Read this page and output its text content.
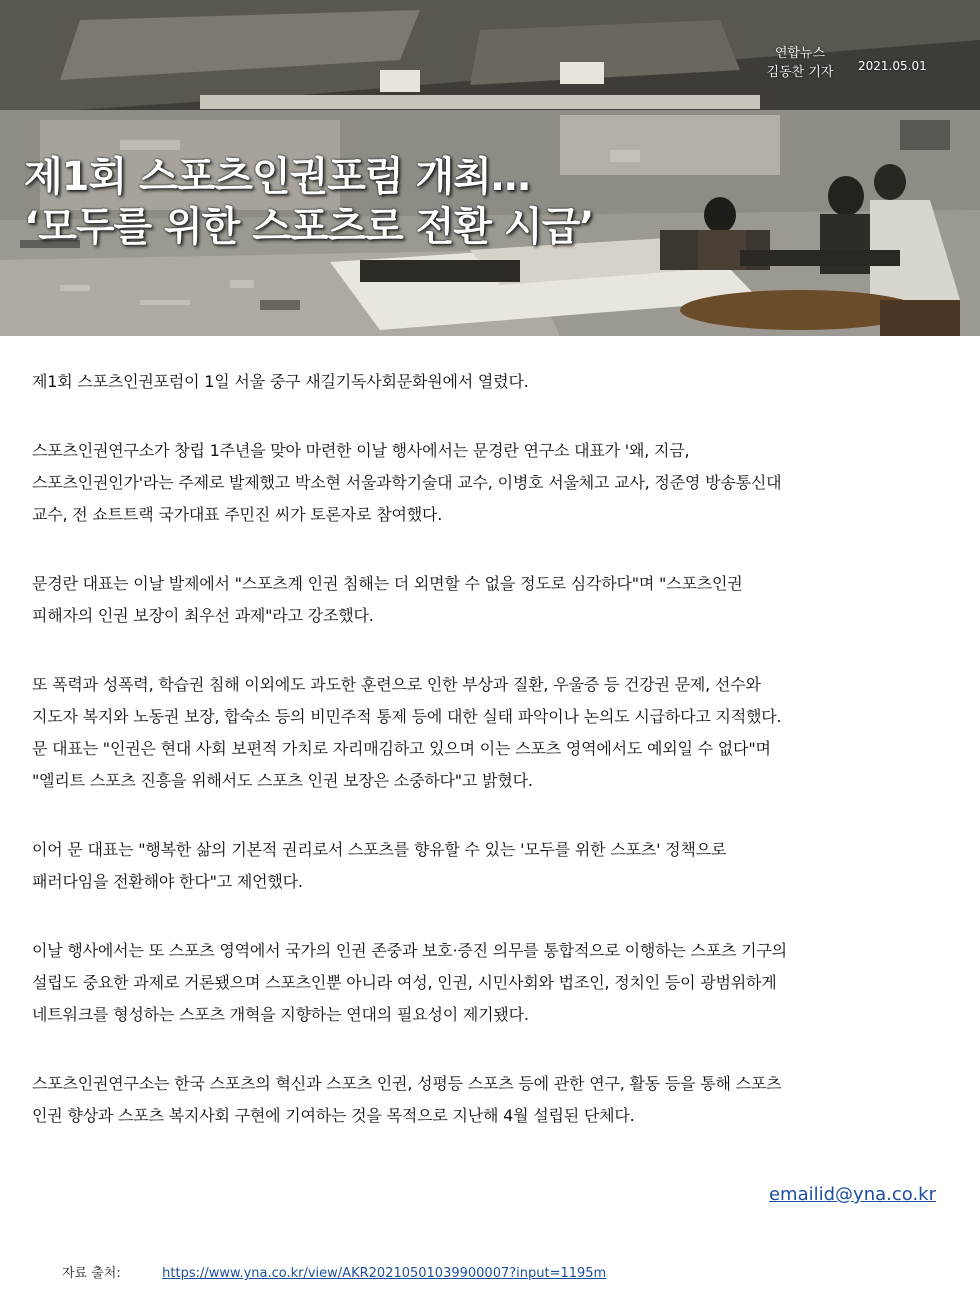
연합뉴스
김동찬 기자	2021.05.01
제1회 스포츠인권포럼 개최…
‘모두를 위한 스포츠로 전환 시급’

제1회 스포츠인권포럼이 1일 서울 중구 새길기독사회문화원에서 열렸다.

스포츠인권연구소가 창립 1주년을 맞아 마련한 이날 행사에서는 문경란 연구소 대표가 '왜, 지금,
스포츠인권인가'라는 주제로 발제했고 박소현 서울과학기술대 교수, 이병호 서울체고 교사, 정준영 방송통신대
교수, 전 쇼트트랙 국가대표 주민진 씨가 토론자로 참여했다.

문경란 대표는 이날 발제에서 "스포츠계 인권 침해는 더 외면할 수 없을 정도로 심각하다"며 "스포츠인권
피해자의 인권 보장이 최우선 과제"라고 강조했다.

또 폭력과 성폭력, 학습권 침해 이외에도 과도한 훈련으로 인한 부상과 질환, 우울증 등 건강권 문제, 선수와
지도자 복지와 노동권 보장, 합숙소 등의 비민주적 통제 등에 대한 실태 파악이나 논의도 시급하다고 지적했다.
문 대표는 "인권은 현대 사회 보편적 가치로 자리매김하고 있으며 이는 스포츠 영역에서도 예외일 수 없다"며
"엘리트 스포츠 진흥을 위해서도 스포츠 인권 보장은 소중하다"고 밝혔다.

이어 문 대표는 "행복한 삶의 기본적 권리로서 스포츠를 향유할 수 있는 '모두를 위한 스포츠' 정책으로
패러다임을 전환해야 한다"고 제언했다.

이날 행사에서는 또 스포츠 영역에서 국가의 인권 존중과 보호·증진 의무를 통합적으로 이행하는 스포츠 기구의
설립도 중요한 과제로 거론됐으며 스포츠인뿐 아니라 여성, 인권, 시민사회와 법조인, 정치인 등이 광범위하게
네트워크를 형성하는 스포츠 개혁을 지향하는 연대의 필요성이 제기됐다.

스포츠인권연구소는 한국 스포츠의 혁신과 스포츠 인권, 성평등 스포츠 등에 관한 연구, 활동 등을 통해 스포츠
인권 향상과 스포츠 복지사회 구현에 기여하는 것을 목적으로 지난해 4월 설립된 단체다.

emailid@yna.co.kr
자료 출처:	https://www.yna.co.kr/view/AKR20210501039900007?input=1195m
